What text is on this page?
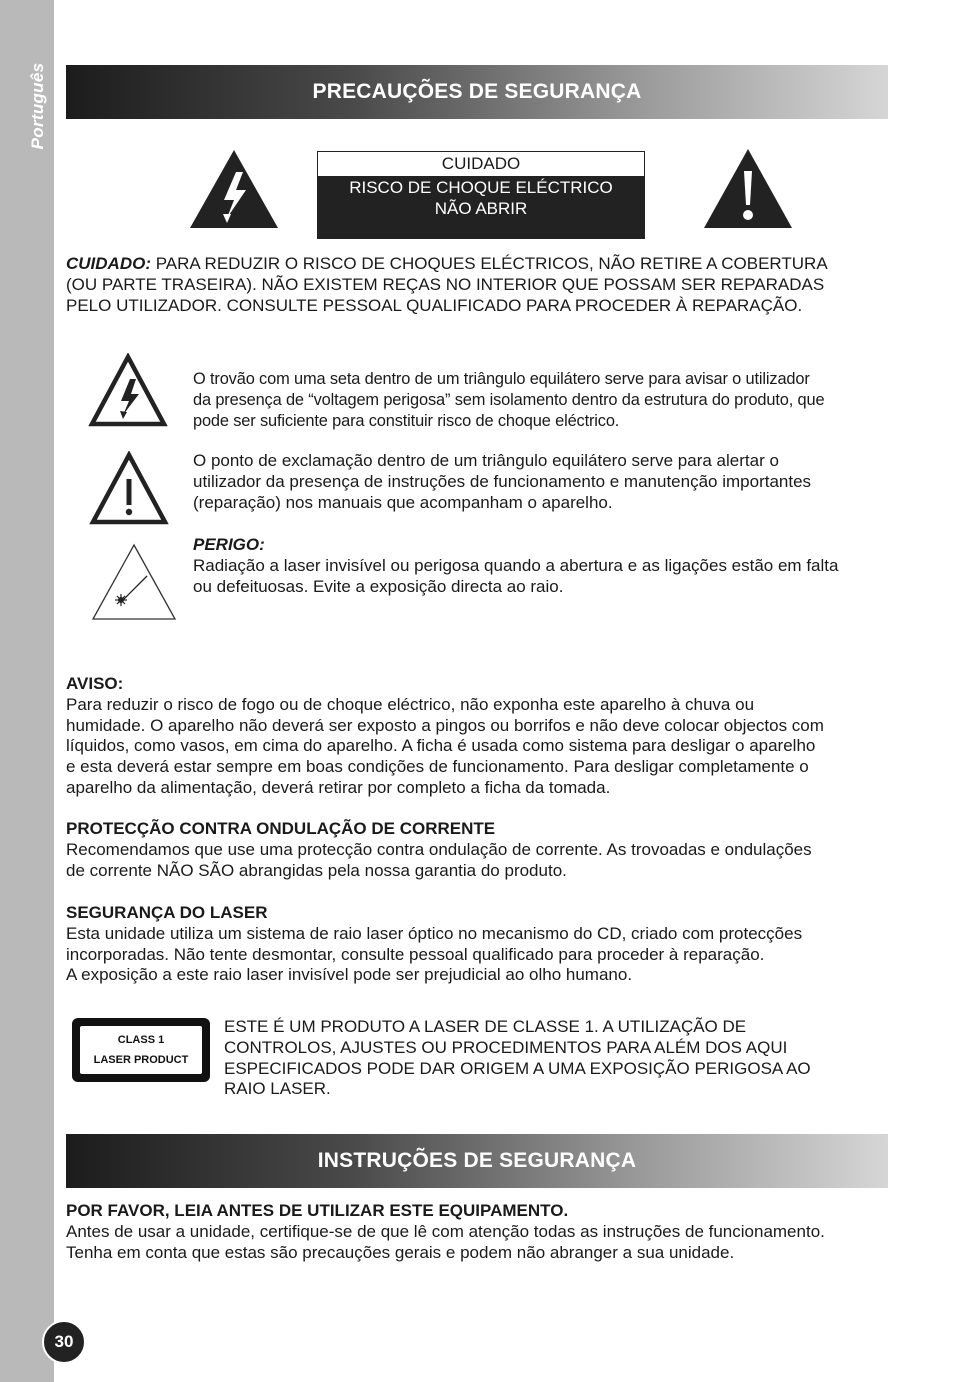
Português
30
PRECAUÇÕES DE SEGURANÇA
CUIDADO
RISCO DE CHOQUE ELÉCTRICO
NÃO ABRIR
CUIDADO: PARA REDUZIR O RISCO DE CHOQUES ELÉCTRICOS, NÃO RETIRE A COBERTURA
(OU PARTE TRASEIRA). NÃO EXISTEM REÇAS NO INTERIOR QUE POSSAM SER REPARADAS
PELO UTILIZADOR. CONSULTE PESSOAL QUALIFICADO PARA PROCEDER À REPARAÇÃO.
O trovão com uma seta dentro de um triângulo equilátero serve para avisar o utilizador
da presença de “voltagem perigosa” sem isolamento dentro da estrutura do produto, que
pode ser suficiente para constituir risco de choque eléctrico.
O ponto de exclamação dentro de um triângulo equilátero serve para alertar o
utilizador da presença de instruções de funcionamento e manutenção importantes
(reparação) nos manuais que acompanham o aparelho.
PERIGO:
Radiação a laser invisível ou perigosa quando a abertura e as ligações estão em falta
ou defeituosas. Evite a exposição directa ao raio.
AVISO:
Para reduzir o risco de fogo ou de choque eléctrico, não exponha este aparelho à chuva ou
humidade. O aparelho não deverá ser exposto a pingos ou borrifos e não deve colocar objectos com
líquidos, como vasos, em cima do aparelho. A ficha é usada como sistema para desligar o aparelho
e esta deverá estar sempre em boas condições de funcionamento. Para desligar completamente o
aparelho da alimentação, deverá retirar por completo a ficha da tomada.
PROTECÇÃO CONTRA ONDULAÇÃO DE CORRENTE
Recomendamos que use uma protecção contra ondulação de corrente. As trovoadas e ondulações
de corrente NÃO SÃO abrangidas pela nossa garantia do produto.
SEGURANÇA DO LASER
Esta unidade utiliza um sistema de raio laser óptico no mecanismo do CD, criado com protecções
incorporadas. Não tente desmontar, consulte pessoal qualificado para proceder à reparação.
A exposição a este raio laser invisível pode ser prejudicial ao olho humano.
CLASS 1
LASER PRODUCT
ESTE É UM PRODUTO A LASER DE CLASSE 1. A UTILIZAÇÃO DE
CONTROLOS, AJUSTES OU PROCEDIMENTOS PARA ALÉM DOS AQUI
ESPECIFICADOS PODE DAR ORIGEM A UMA EXPOSIÇÃO PERIGOSA AO
RAIO LASER.
INSTRUÇÕES DE SEGURANÇA
POR FAVOR, LEIA ANTES DE UTILIZAR ESTE EQUIPAMENTO.
Antes de usar a unidade, certifique-se de que lê com atenção todas as instruções de funcionamento.
Tenha em conta que estas são precauções gerais e podem não abranger a sua unidade.
